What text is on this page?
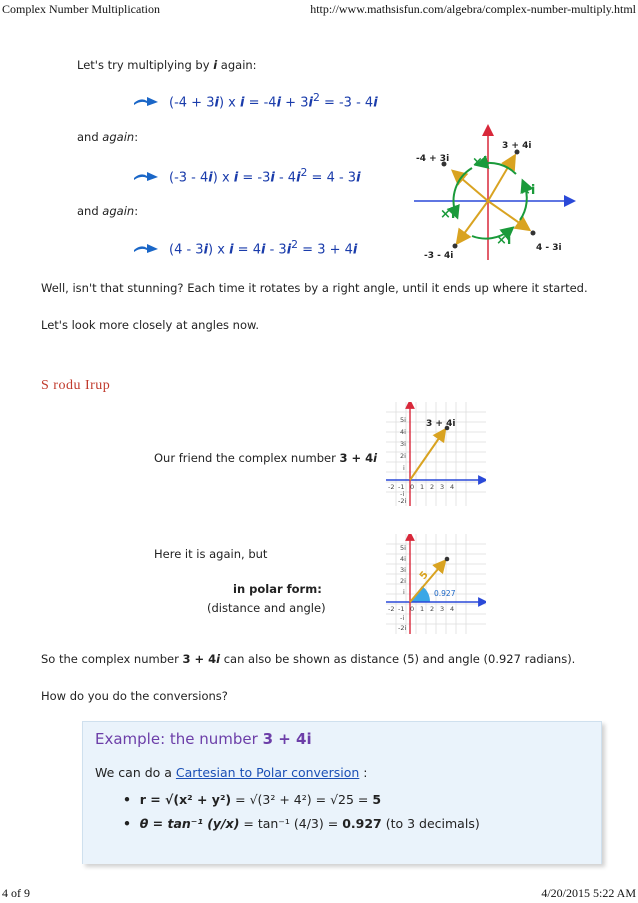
Complex Number Multiplication	http://www.mathsisfun.com/algebra/complex-number-multiply.html
Let's try multiplying by i again:
(-4 + 3i) x $i = -4i + 3i^2 = -3 - 4i$
and again:
(-3 - 4i) x $i = -3i - 4i^2 = 4 - 3i$
and again:
(4 - 3i) x $i = 4i - 3i^2 = 3 + 4i$
-4 + 3i
3 + 4i
4 - 3i
-3 - 4i
×i
×i
×i
×i
Well, isn't that stunning? Each time it rotates by a right angle, until it ends up where it started.
Let's look more closely at angles now.
S rodu Irup
Our friend the complex number 3 + 4i
3 + 4i
-2 -1 0 1 2 3 4
5i
4i
3i
2i
i
-i
-2i
Here it is again, but
in polar form:
(distance and angle)
5
0.927
-2 -1 0 1 2 3 4
5i
4i
3i
2i
i
-i
-2i
So the complex number 3 + 4i can also be shown as distance (5) and angle (0.927 radians).
How do you do the conversions?
Example: the number 3 + 4i
We can do a Cartesian to Polar conversion :
•  r = √(x² + y²) = √(3² + 4²) = √25 = 5
•  θ = tan⁻¹ (y/x) = tan⁻¹ (4/3) = 0.927 (to 3 decimals)
4 of 9	4/20/2015 5:22 AM
